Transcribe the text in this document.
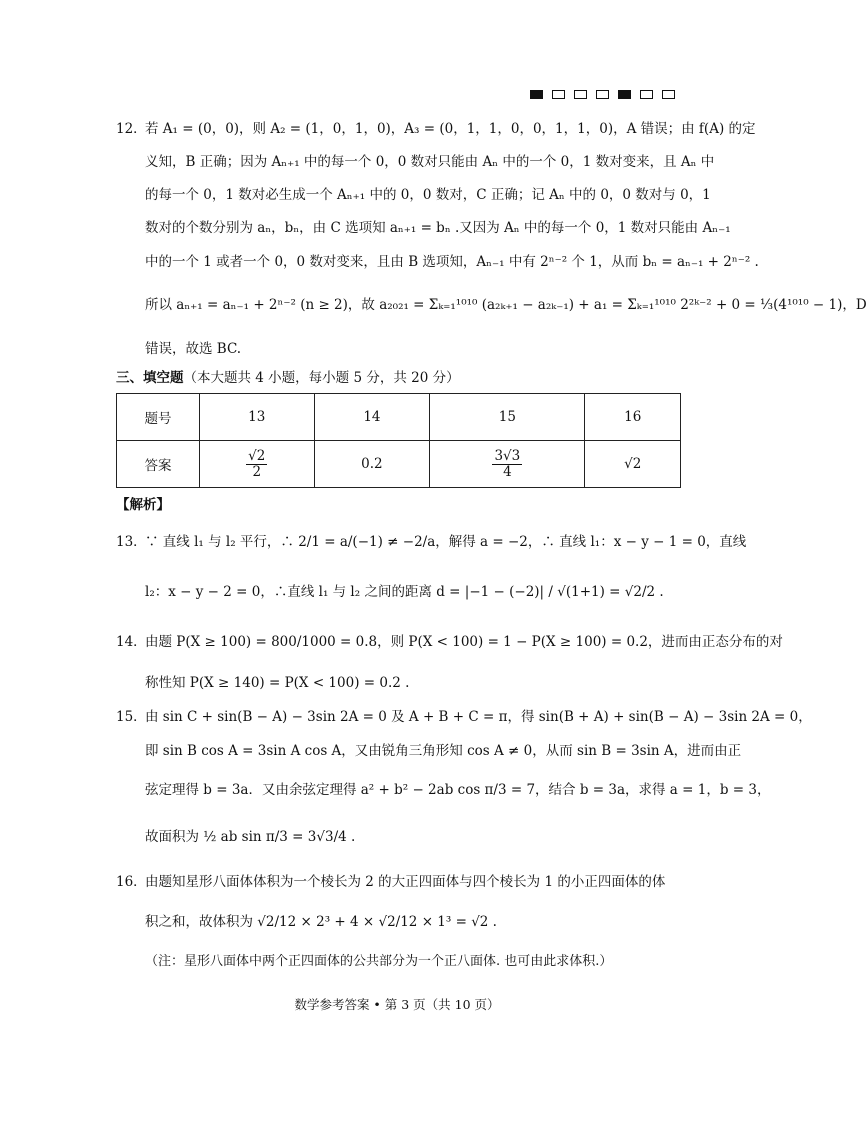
12．
若 A₁ = (0，0)，则 A₂ = (1，0，1，0)，A₃ = (0，1，1，0，0，1，1，0)，A 错误；由 f(A) 的定
义知，B 正确；因为 Aₙ₊₁ 中的每一个 0，0 数对只能由 Aₙ 中的一个 0，1 数对变来，且 Aₙ 中
的每一个 0，1 数对必生成一个 Aₙ₊₁ 中的 0，0 数对，C 正确；记 Aₙ 中的 0，0 数对与 0，1
数对的个数分别为 aₙ，bₙ，由 C 选项知 aₙ₊₁ = bₙ .又因为 Aₙ 中的每一个 0，1 数对只能由 Aₙ₋₁
中的一个 1 或者一个 0，0 数对变来，且由 B 选项知，Aₙ₋₁ 中有 2ⁿ⁻² 个 1，从而 bₙ = aₙ₋₁ + 2ⁿ⁻² .
所以 aₙ₊₁ = aₙ₋₁ + 2ⁿ⁻² (n ≥ 2)，故 a₂₀₂₁ = Σₖ₌₁¹⁰¹⁰ (a₂ₖ₊₁ − a₂ₖ₋₁) + a₁ = Σₖ₌₁¹⁰¹⁰ 2²ᵏ⁻² + 0 = ⅓(4¹⁰¹⁰ − 1)，D
错误，故选 BC.
三、填空题（本大题共 4 小题，每小题 5 分，共 20 分）
题号	13	14	15	16
答案	$\frac{√2}{2}$	0.2	$\frac{3√3}{4}$	√2
【解析】
13．
∵ 直线 l₁ 与 l₂ 平行，∴ 2/1 = a/(−1) ≠ −2/a，解得 a = −2，∴ 直线 l₁：x − y − 1 = 0，直线
l₂：x − y − 2 = 0，∴直线 l₁ 与 l₂ 之间的距离 d = |−1 − (−2)| / √(1+1) = √2/2 .
14．
由题 P(X ≥ 100) = 800/1000 = 0.8，则 P(X < 100) = 1 − P(X ≥ 100) = 0.2，进而由正态分布的对
称性知 P(X ≥ 140) = P(X < 100) = 0.2 .
15．
由 sin C + sin(B − A) − 3sin 2A = 0 及 A + B + C = π，得 sin(B + A) + sin(B − A) − 3sin 2A = 0，
即 sin B cos A = 3sin A cos A，又由锐角三角形知 cos A ≠ 0，从而 sin B = 3sin A，进而由正
弦定理得 b = 3a．又由余弦定理得 a² + b² − 2ab cos π/3 = 7，结合 b = 3a，求得 a = 1，b = 3，
故面积为 ½ ab sin π/3 = 3√3/4 .
16．
由题知星形八面体体积为一个棱长为 2 的大正四面体与四个棱长为 1 的小正四面体的体
积之和，故体积为 √2/12 × 2³ + 4 × √2/12 × 1³ = √2 .
（注：星形八面体中两个正四面体的公共部分为一个正八面体. 也可由此求体积.）
数学参考答案 • 第 3 页（共 10 页）
